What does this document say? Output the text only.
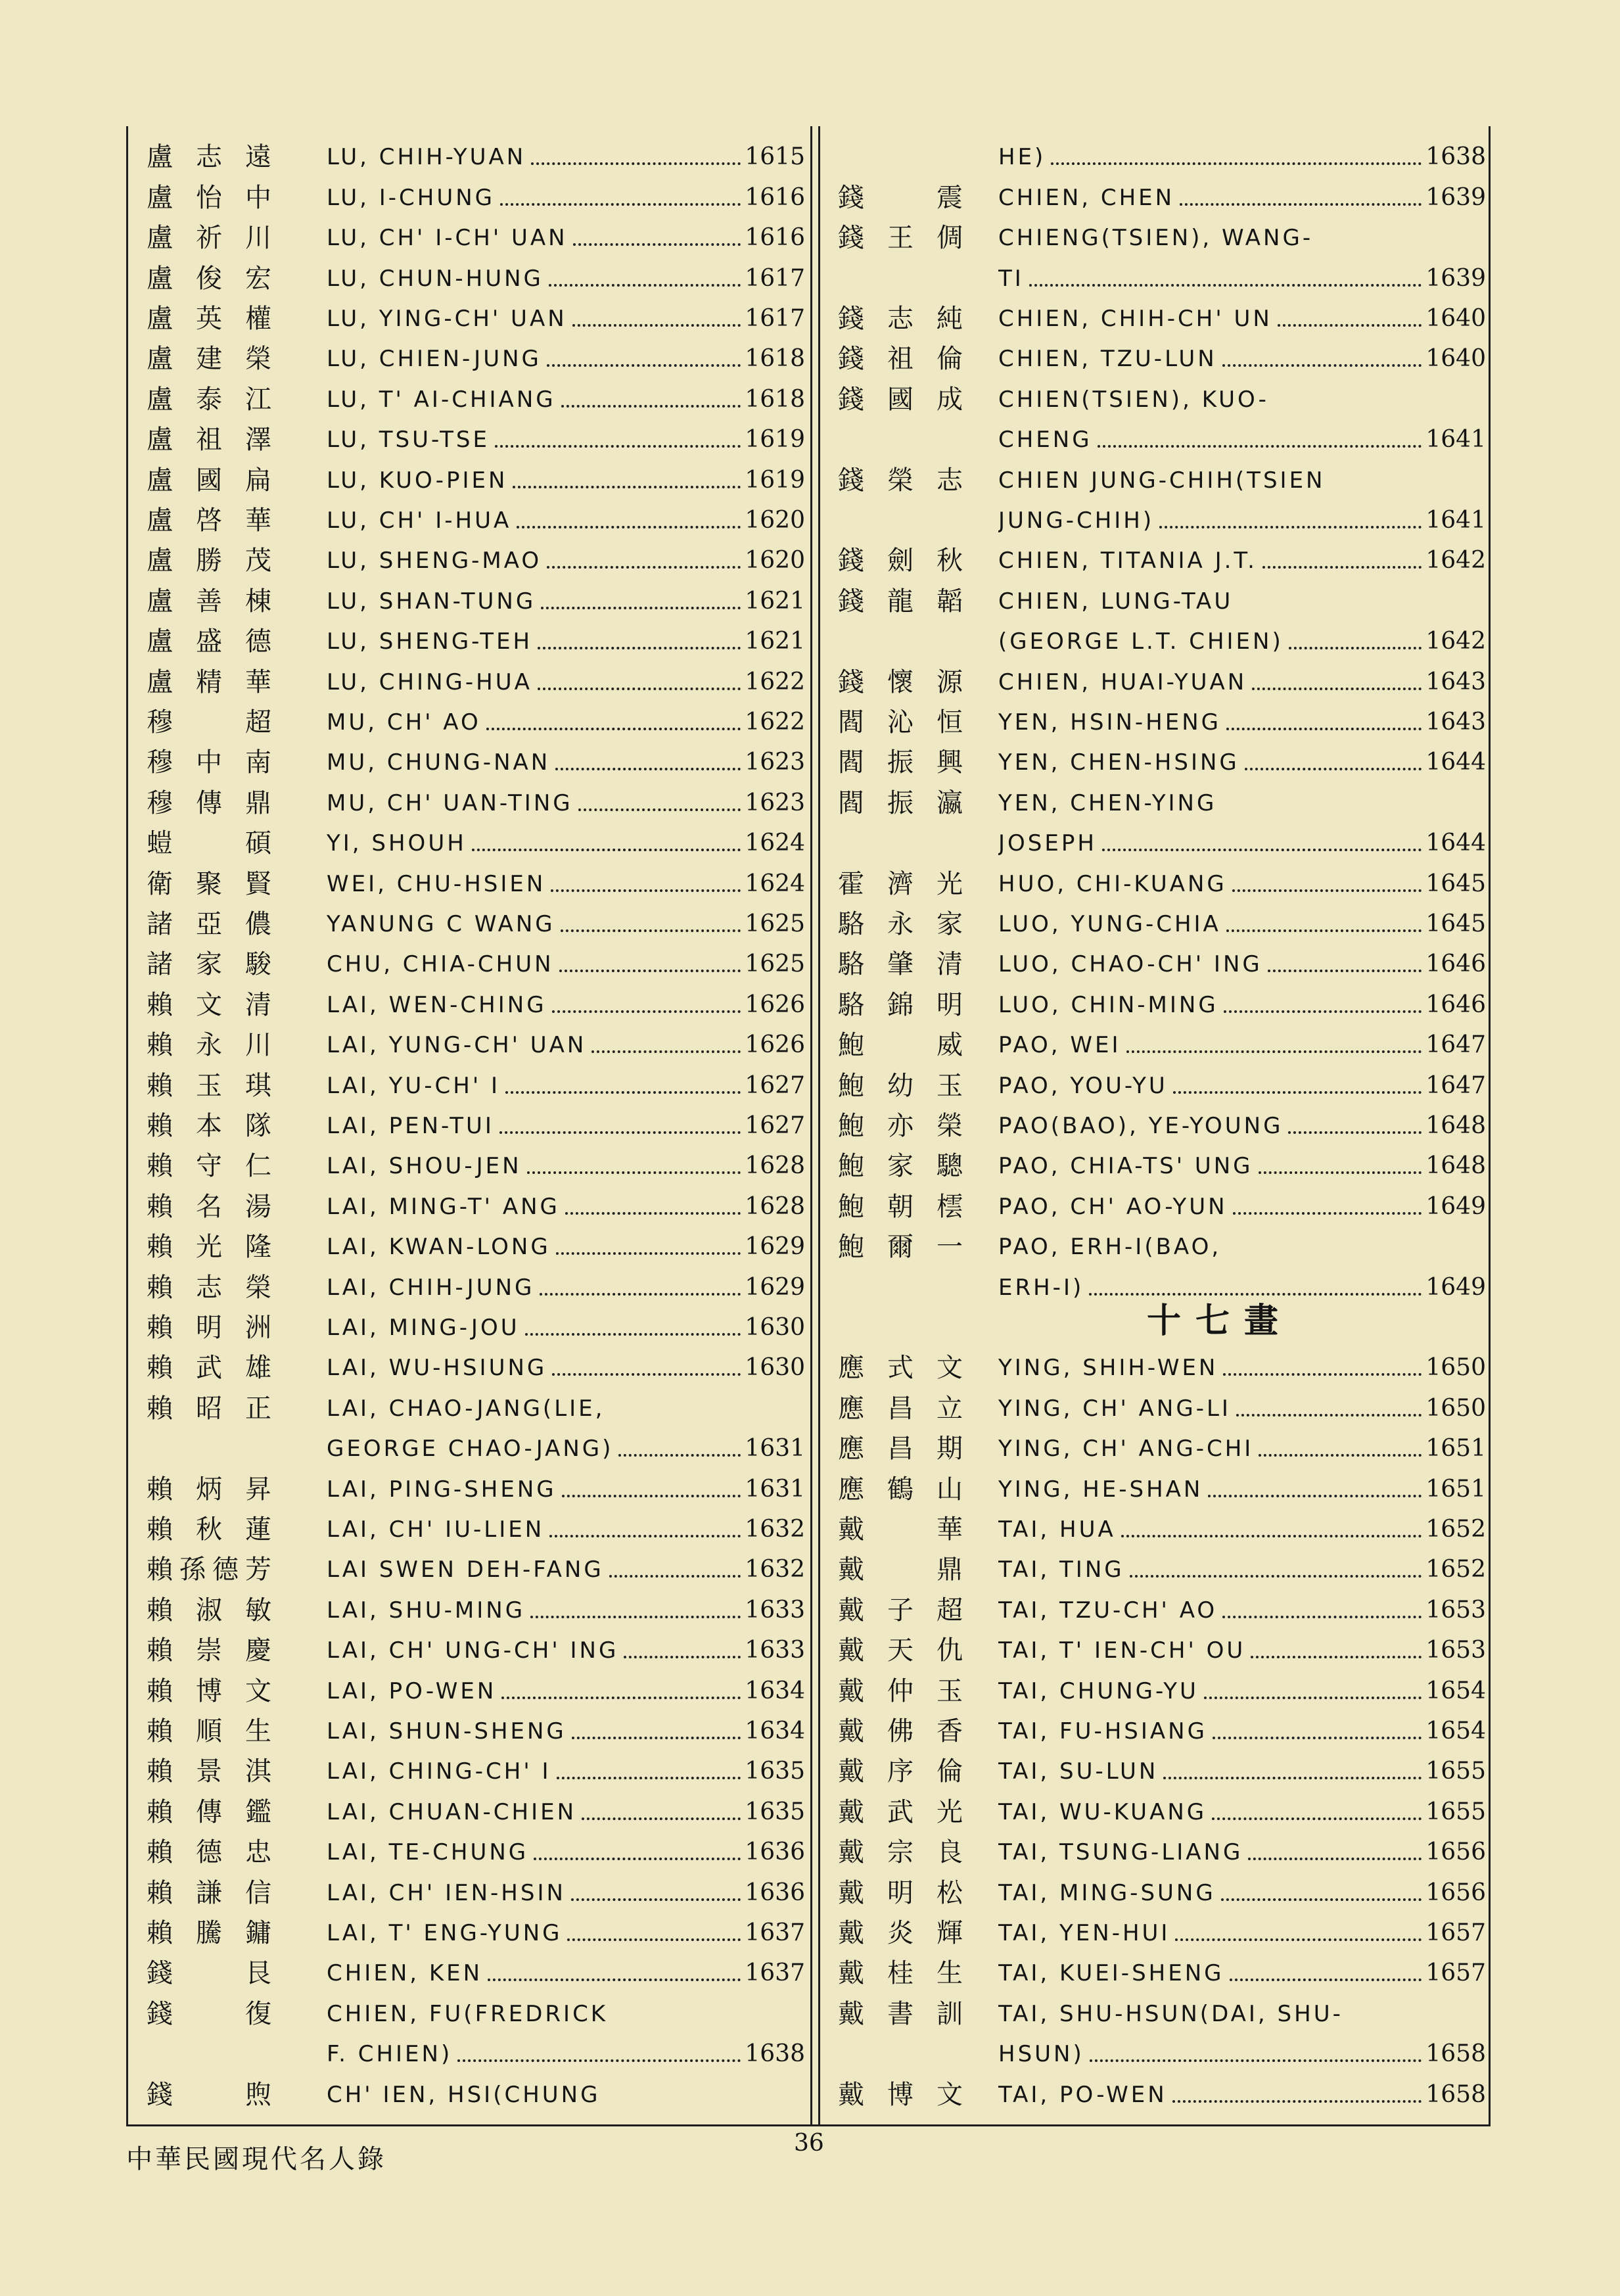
盧 志 遠 LU, CHIH-YUAN	1615
盧 怡 中 LU, I-CHUNG	1616
盧 祈 川 LU, CH' I-CH' UAN	1616
盧 俊 宏 LU, CHUN-HUNG	1617
盧 英 權 LU, YING-CH' UAN	1617
盧 建 榮 LU, CHIEN-JUNG	1618
盧 泰 江 LU, T' AI-CHIANG	1618
盧 祖 澤 LU, TSU-TSE	1619
盧 國 扁 LU, KUO-PIEN	1619
盧 啓 華 LU, CH' I-HUA	1620
盧 勝 茂 LU, SHENG-MAO	1620
盧 善 棟 LU, SHAN-TUNG	1621
盧 盛 德 LU, SHENG-TEH	1621
盧 精 華 LU, CHING-HUA	1622
穆	超 MU, CH' AO	1622
穆 中 南 MU, CHUNG-NAN	1623
穆 傳 鼎 MU, CH' UAN-TING	1623
螘	碩 YI, SHOUH	1624
衛 聚 賢 WEI, CHU-HSIEN	1624
諸 亞 儂 YANUNG C WANG	1625
諸 家 駿 CHU, CHIA-CHUN	1625
賴 文 清 LAI, WEN-CHING	1626
賴 永 川 LAI, YUNG-CH' UAN	1626
賴 玉 琪 LAI, YU-CH' I	1627
賴 本 隊 LAI, PEN-TUI	1627
賴 守 仁 LAI, SHOU-JEN	1628
賴 名 湯 LAI, MING-T' ANG	1628
賴 光 隆 LAI, KWAN-LONG	1629
賴 志 榮 LAI, CHIH-JUNG	1629
賴 明 洲 LAI, MING-JOU	1630
賴 武 雄 LAI, WU-HSIUNG	1630
賴 昭 正 LAI, CHAO-JANG(LIE,
GEORGE CHAO-JANG)	1631
賴 炳 昇 LAI, PING-SHENG	1631
賴 秋 蓮 LAI, CH' IU-LIEN	1632
賴 孫 德 芳 LAI SWEN DEH-FANG	1632
賴 淑 敏 LAI, SHU-MING	1633
賴 崇 慶 LAI, CH' UNG-CH' ING	1633
賴 博 文 LAI, PO-WEN	1634
賴 順 生 LAI, SHUN-SHENG	1634
賴 景 淇 LAI, CHING-CH' I	1635
賴 傳 鑑 LAI, CHUAN-CHIEN	1635
賴 德 忠 LAI, TE-CHUNG	1636
賴 謙 信 LAI, CH' IEN-HSIN	1636
賴 騰 鏞 LAI, T' ENG-YUNG	1637
錢	艮 CHIEN, KEN	1637
錢	復 CHIEN, FU(FREDRICK
F. CHIEN)	1638
錢	煦 CH' IEN, HSI(CHUNG
HE)	1638
錢	震 CHIEN, CHEN	1639
錢 王 倜 CHIENG(TSIEN), WANG-
TI	1639
錢 志 純 CHIEN, CHIH-CH' UN	1640
錢 祖 倫 CHIEN, TZU-LUN	1640
錢 國 成 CHIEN(TSIEN), KUO-
CHENG	1641
錢 榮 志 CHIEN JUNG-CHIH(TSIEN
JUNG-CHIH)	1641
錢 劍 秋 CHIEN, TITANIA J.T.	1642
錢 龍 韜 CHIEN, LUNG-TAU
(GEORGE L.T. CHIEN)	1642
錢 懷 源 CHIEN, HUAI-YUAN	1643
閻 沁 恒 YEN, HSIN-HENG	1643
閻 振 興 YEN, CHEN-HSING	1644
閻 振 瀛 YEN, CHEN-YING
JOSEPH	1644
霍 濟 光 HUO, CHI-KUANG	1645
駱 永 家 LUO, YUNG-CHIA	1645
駱 肇 清 LUO, CHAO-CH' ING	1646
駱 錦 明 LUO, CHIN-MING	1646
鮑	威 PAO, WEI	1647
鮑 幼 玉 PAO, YOU-YU	1647
鮑 亦 榮 PAO(BAO), YE-YOUNG	1648
鮑 家 驄 PAO, CHIA-TS' UNG	1648
鮑 朝 橒 PAO, CH' AO-YUN	1649
鮑 爾 一 PAO, ERH-I(BAO,
ERH-I)	1649
十七畫
應 式 文 YING, SHIH-WEN	1650
應 昌 立 YING, CH' ANG-LI	1650
應 昌 期 YING, CH' ANG-CHI	1651
應 鶴 山 YING, HE-SHAN	1651
戴	華 TAI, HUA	1652
戴	鼎 TAI, TING	1652
戴 子 超 TAI, TZU-CH' AO	1653
戴 天 仇 TAI, T' IEN-CH' OU	1653
戴 仲 玉 TAI, CHUNG-YU	1654
戴 佛 香 TAI, FU-HSIANG	1654
戴 序 倫 TAI, SU-LUN	1655
戴 武 光 TAI, WU-KUANG	1655
戴 宗 良 TAI, TSUNG-LIANG	1656
戴 明 松 TAI, MING-SUNG	1656
戴 炎 輝 TAI, YEN-HUI	1657
戴 桂 生 TAI, KUEI-SHENG	1657
戴 書 訓 TAI, SHU-HSUN(DAI, SHU-
HSUN)	1658
戴 博 文 TAI, PO-WEN	1658
中華民國現代名人錄
36
